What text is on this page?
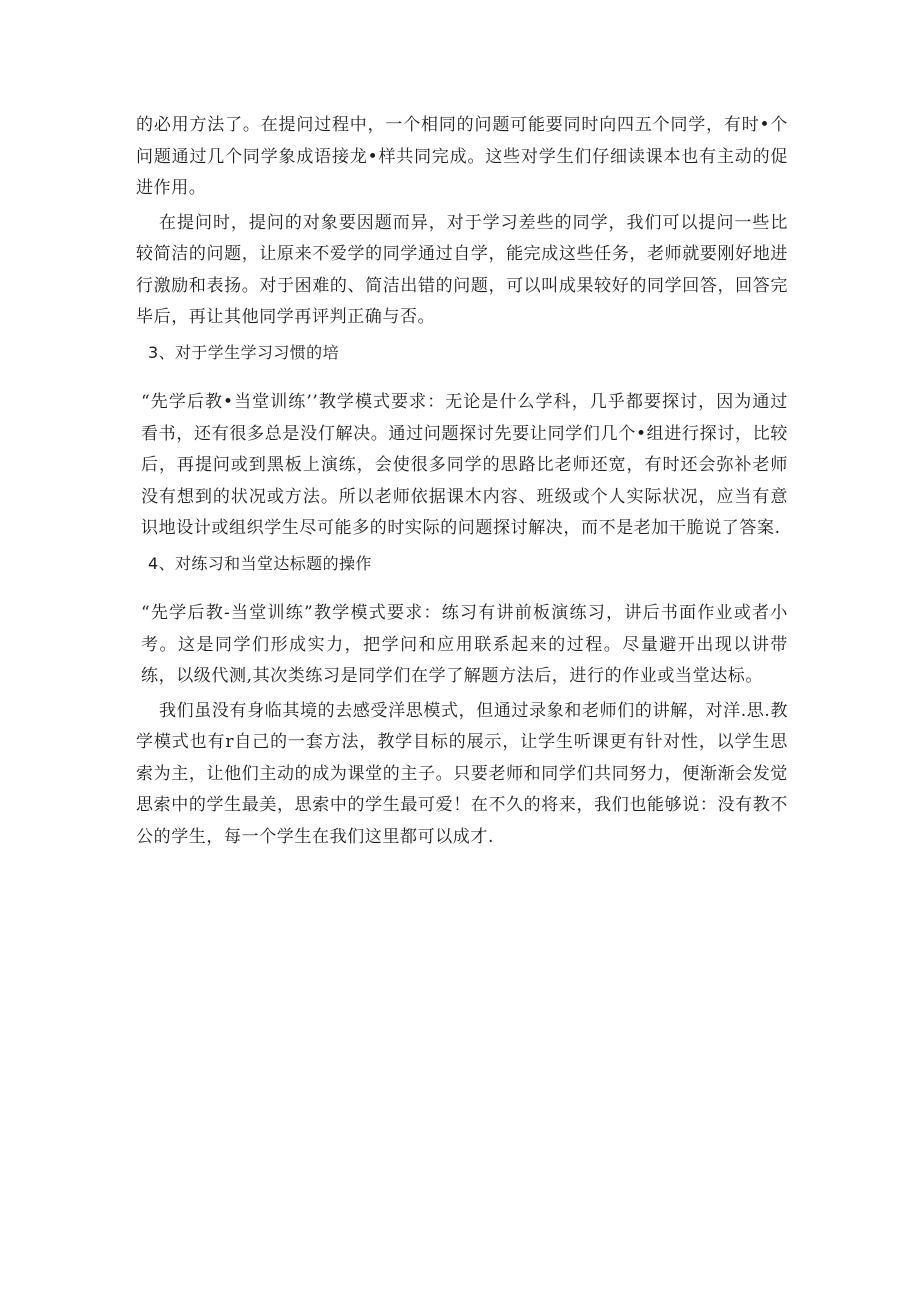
的必用方法了。在提问过程中，一个相同的问题可能要同时向四五个同学，有时•个问题通过几个同学象成语接龙•样共同完成。这些对学生们仔细读课本也有主动的促进作用。

在提问时，提问的对象要因题而异，对于学习差些的同学，我们可以提问一些比较简洁的问题，让原来不爱学的同学通过自学，能完成这些任务，老师就要刚好地进行激励和表扬。对于困难的、简洁出错的问题，可以叫成果较好的同学回答，回答完毕后，再让其他同学再评判正确与否。

3、对于学生学习习惯的培

“先学后教•当堂训练’’教学模式要求：无论是什么学科，几乎都要探讨，因为通过看书，还有很多总是没仃解决。通过问题探讨先要让同学们几个•组进行探讨，比较后，再提问或到黑板上演练，会使很多同学的思路比老师还宽，有时还会弥补老师没有想到的状况或方法。所以老师依据课木内容、班级或个人实际状况，应当有意识地设计或组织学生尽可能多的时实际的问题探讨解决，而不是老加干脆说了答案.

4、对练习和当堂达标题的操作

“先学后教-当堂训练”教学模式要求：练习有讲前板演练习，讲后书面作业或者小考。这是同学们形成实力，把学问和应用联系起来的过程。尽量避开出现以讲带练，以级代测,其次类练习是同学们在学了解题方法后，进行的作业或当堂达标。

我们虽没有身临其境的去感受洋思模式，但通过录象和老师们的讲解，对洋.思.教学模式也有r自己的一套方法，教学目标的展示，让学生听课更有针对性，以学生思索为主，让他们主动的成为课堂的主子。只要老师和同学们共同努力，便渐渐会发觉思索中的学生最美，思索中的学生最可爱！在不久的将来，我们也能够说：没有教不公的学生，每一个学生在我们这里都可以成才.
